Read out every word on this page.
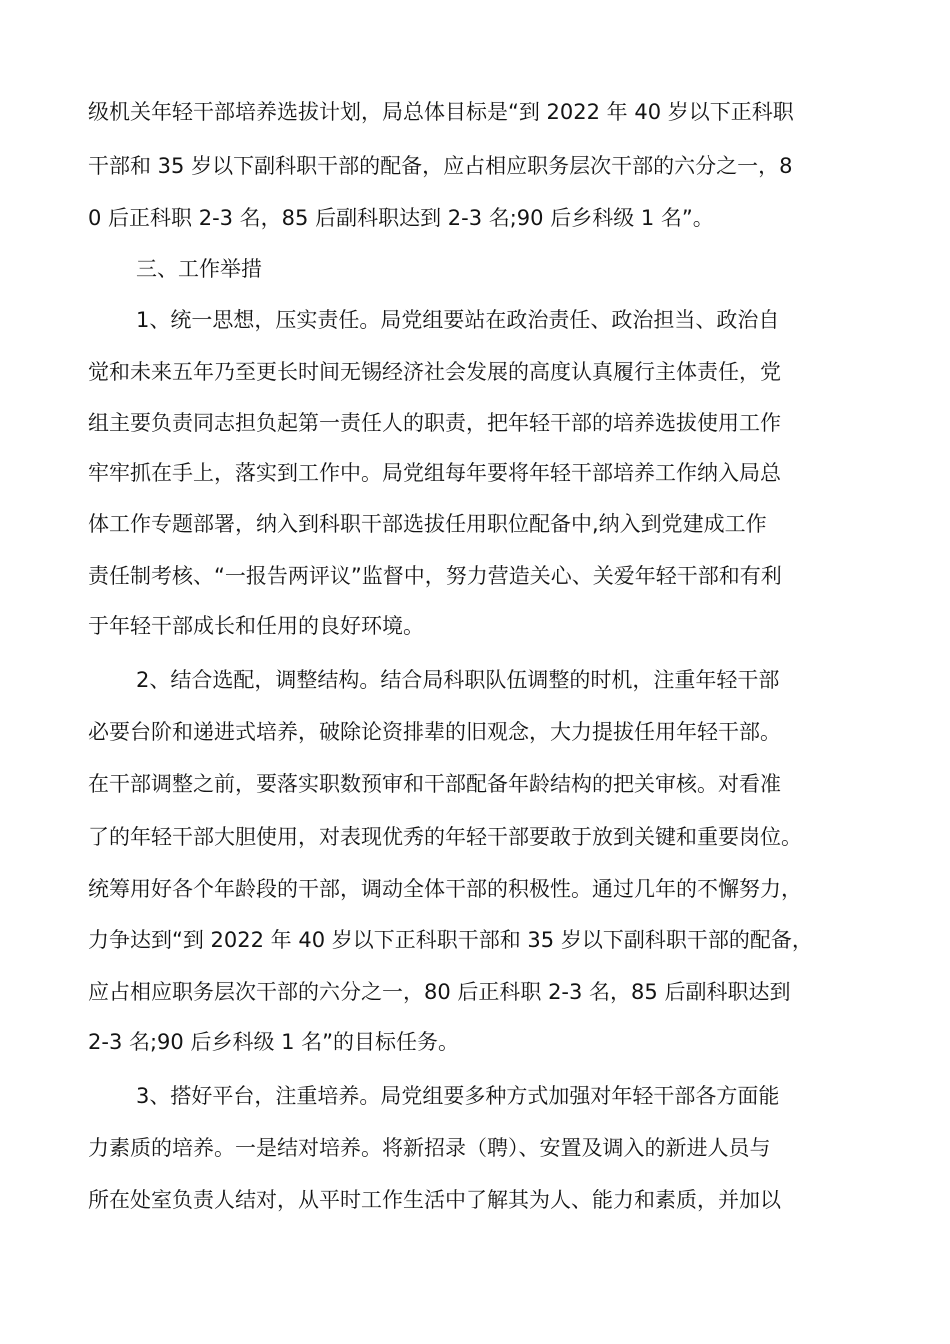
级机关年轻干部培养选拔计划，局总体目标是“到 2022 年 40 岁以下正科职
干部和 35 岁以下副科职干部的配备，应占相应职务层次干部的六分之一，8
0 后正科职 2-3 名，85 后副科职达到 2-3 名;90 后乡科级 1 名”。
三、工作举措
1、统一思想，压实责任。局党组要站在政治责任、政治担当、政治自
觉和未来五年乃至更长时间无锡经济社会发展的高度认真履行主体责任，党
组主要负责同志担负起第一责任人的职责，把年轻干部的培养选拔使用工作
牢牢抓在手上，落实到工作中。局党组每年要将年轻干部培养工作纳入局总
体工作专题部署，纳入到科职干部选拔任用职位配备中,纳入到党建成工作
责任制考核、“一报告两评议”监督中，努力营造关心、关爱年轻干部和有利
于年轻干部成长和任用的良好环境。
2、结合选配，调整结构。结合局科职队伍调整的时机，注重年轻干部
必要台阶和递进式培养，破除论资排辈的旧观念，大力提拔任用年轻干部。
在干部调整之前，要落实职数预审和干部配备年龄结构的把关审核。对看准
了的年轻干部大胆使用，对表现优秀的年轻干部要敢于放到关键和重要岗位。
统筹用好各个年龄段的干部，调动全体干部的积极性。通过几年的不懈努力，
力争达到“到 2022 年 40 岁以下正科职干部和 35 岁以下副科职干部的配备，
应占相应职务层次干部的六分之一，80 后正科职 2-3 名，85 后副科职达到
2-3 名;90 后乡科级 1 名”的目标任务。
3、搭好平台，注重培养。局党组要多种方式加强对年轻干部各方面能
力素质的培养。一是结对培养。将新招录（聘）、安置及调入的新进人员与
所在处室负责人结对，从平时工作生活中了解其为人、能力和素质，并加以
